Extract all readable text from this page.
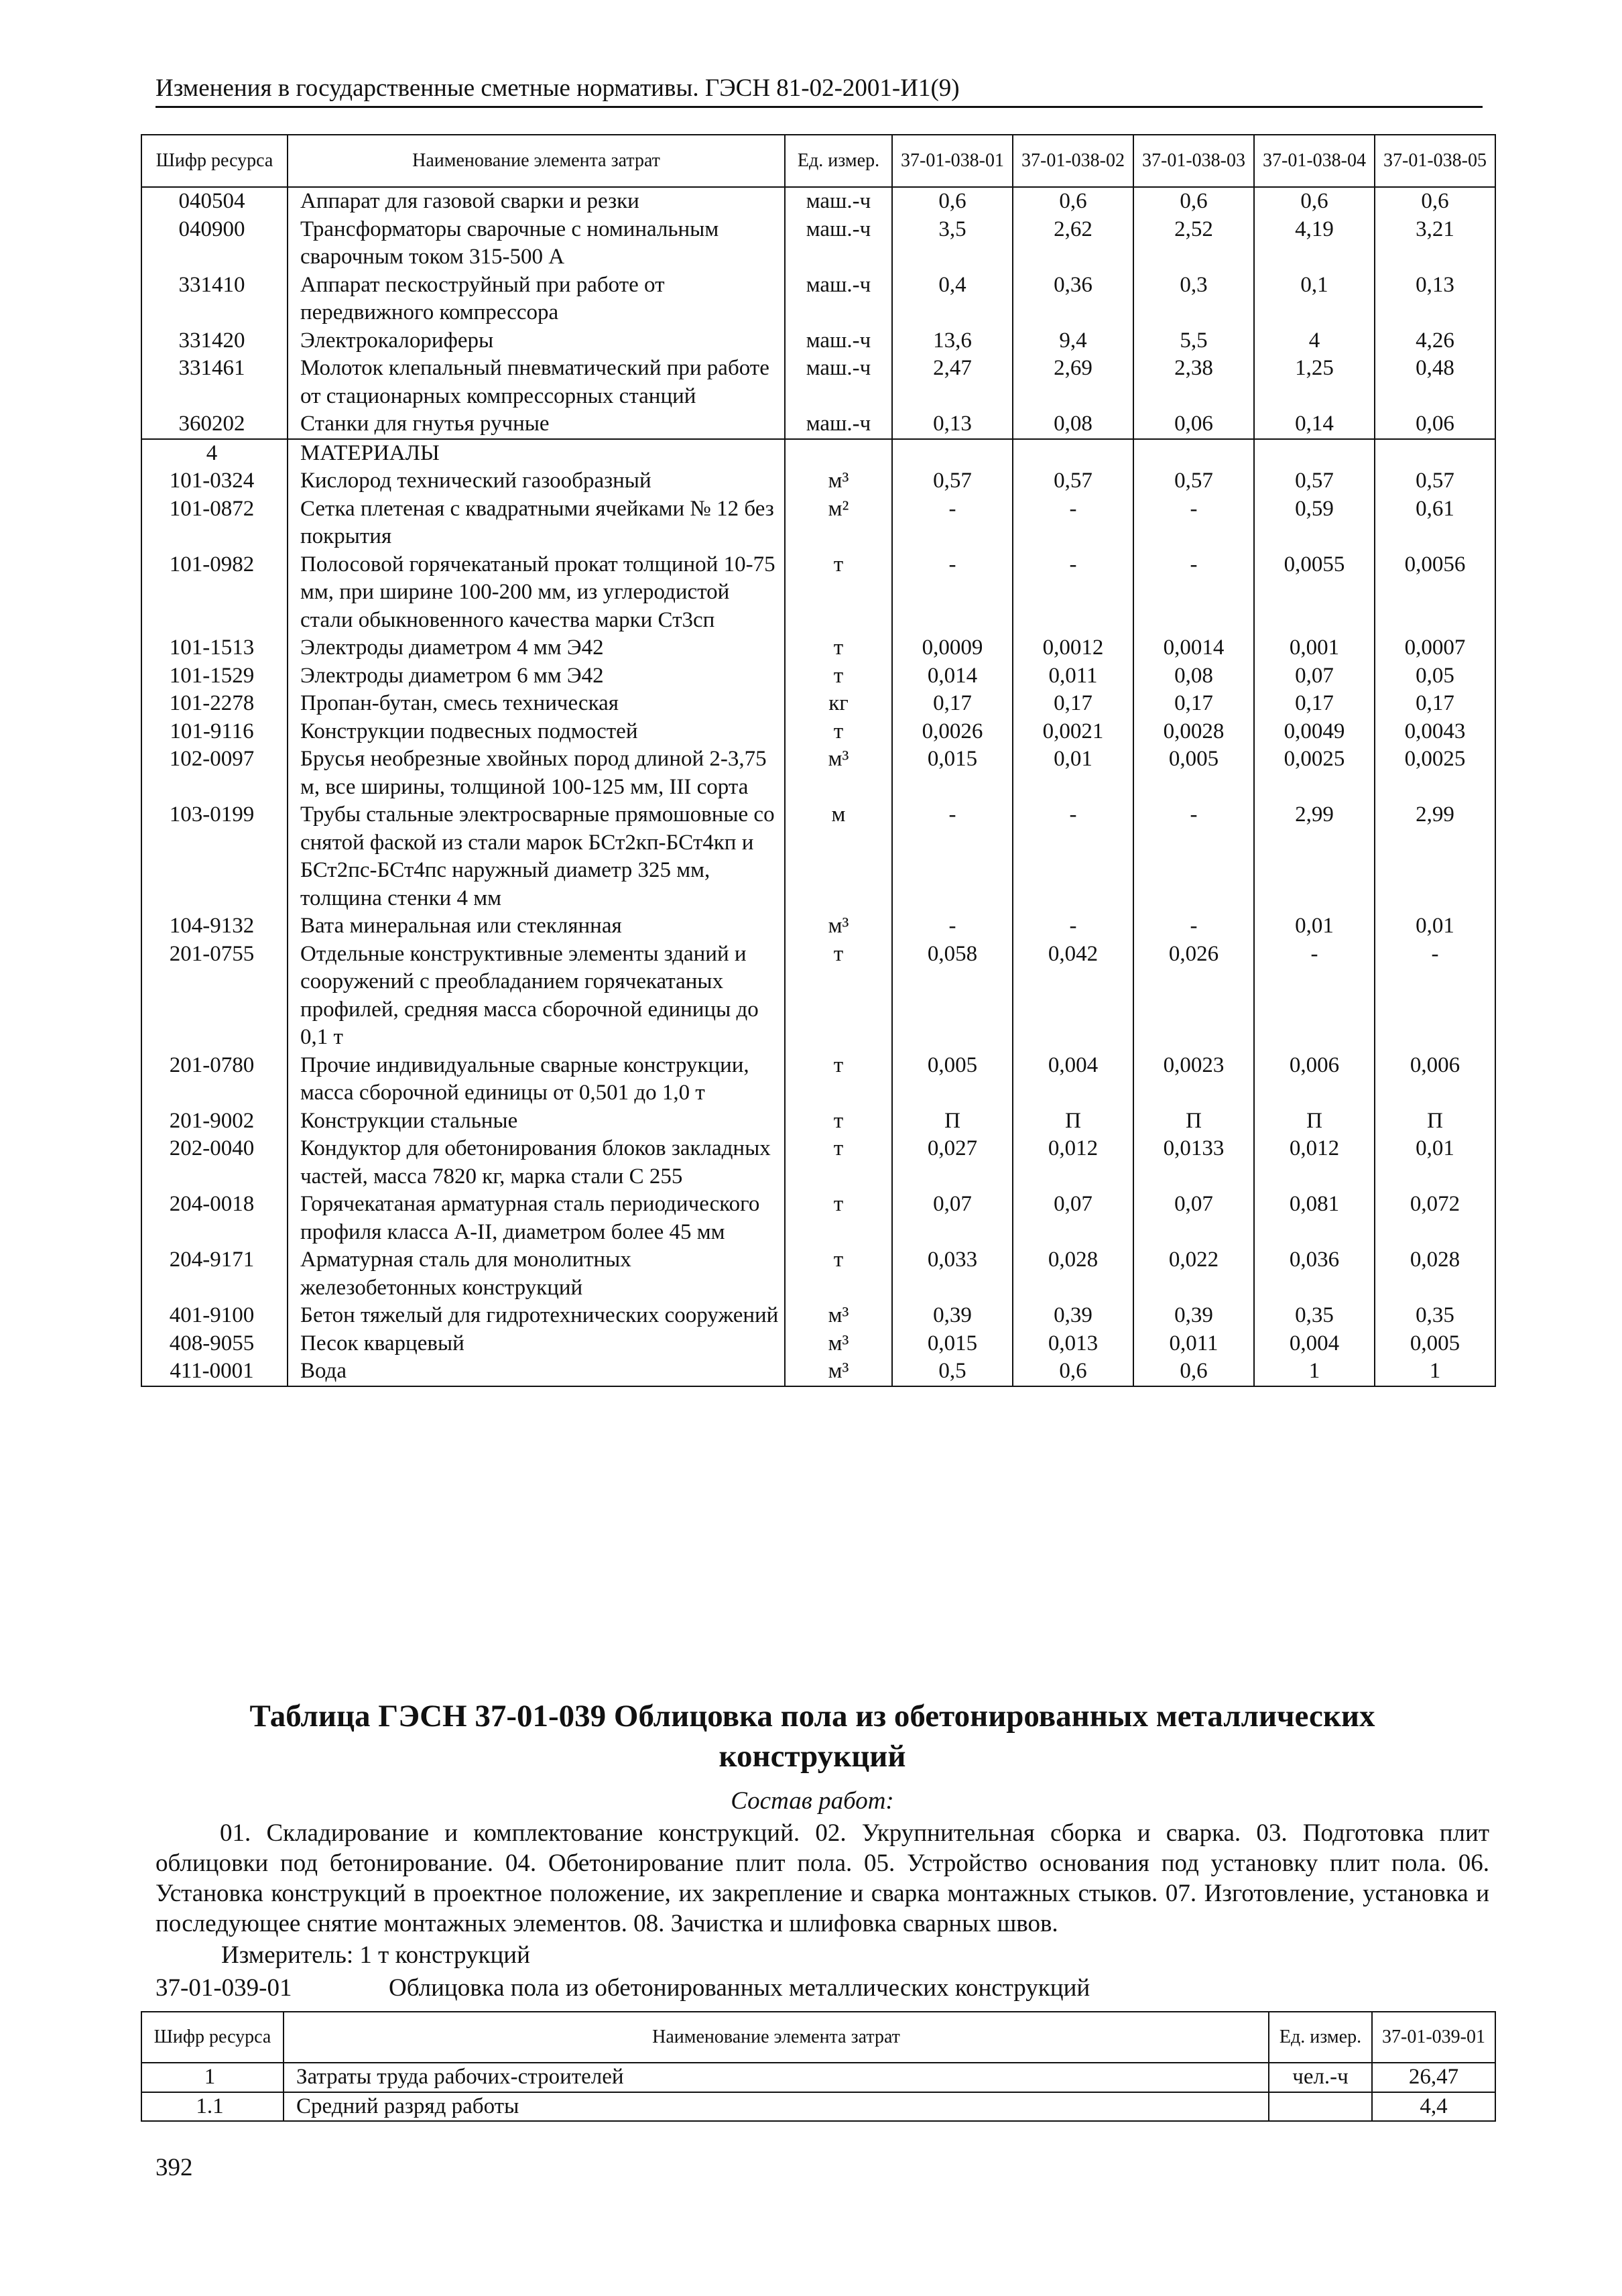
Изменения в государственные сметные нормативы. ГЭСН 81-02-2001-И1(9)
Шифр ресурса	Наименование элемента затрат	Ед. измер.	37-01-038-01	37-01-038-02	37-01-038-03	37-01-038-04	37-01-038-05
040504	Аппарат для газовой сварки и резки	маш.-ч	0,6	0,6	0,6	0,6	0,6
040900	Трансформаторы сварочные с номинальным сварочным током 315-500 А	маш.-ч	3,5	2,62	2,52	4,19	3,21
331410	Аппарат пескоструйный при работе от передвижного компрессора	маш.-ч	0,4	0,36	0,3	0,1	0,13
331420	Электрокалориферы	маш.-ч	13,6	9,4	5,5	4	4,26
331461	Молоток клепальный пневматический при работе от стационарных компрессорных станций	маш.-ч	2,47	2,69	2,38	1,25	0,48
360202	Станки для гнутья ручные	маш.-ч	0,13	0,08	0,06	0,14	0,06
4	МАТЕРИАЛЫ						
101-0324	Кислород технический газообразный	м³	0,57	0,57	0,57	0,57	0,57
101-0872	Сетка плетеная с квадратными ячейками № 12 без покрытия	м²	-	-	-	0,59	0,61
101-0982	Полосовой горячекатаный прокат толщиной 10-75 мм, при ширине 100-200 мм, из углеродистой стали обыкновенного качества марки Ст3сп	т	-	-	-	0,0055	0,0056
101-1513	Электроды диаметром 4 мм Э42	т	0,0009	0,0012	0,0014	0,001	0,0007
101-1529	Электроды диаметром 6 мм Э42	т	0,014	0,011	0,08	0,07	0,05
101-2278	Пропан-бутан, смесь техническая	кг	0,17	0,17	0,17	0,17	0,17
101-9116	Конструкции подвесных подмостей	т	0,0026	0,0021	0,0028	0,0049	0,0043
102-0097	Брусья необрезные хвойных пород длиной 2-3,75 м, все ширины, толщиной 100-125 мм, III сорта	м³	0,015	0,01	0,005	0,0025	0,0025
103-0199	Трубы стальные электросварные прямошовные со снятой фаской из стали марок БСт2кп-БСт4кп и БСт2пс-БСт4пс наружный диаметр 325 мм, толщина стенки 4 мм	м	-	-	-	2,99	2,99
104-9132	Вата минеральная или стеклянная	м³	-	-	-	0,01	0,01
201-0755	Отдельные конструктивные элементы зданий и сооружений с преобладанием горячекатаных профилей, средняя масса сборочной единицы до 0,1 т	т	0,058	0,042	0,026	-	-
201-0780	Прочие индивидуальные сварные конструкции, масса сборочной единицы от 0,501 до 1,0 т	т	0,005	0,004	0,0023	0,006	0,006
201-9002	Конструкции стальные	т	П	П	П	П	П
202-0040	Кондуктор для обетонирования блоков закладных частей, масса 7820 кг, марка стали С 255	т	0,027	0,012	0,0133	0,012	0,01
204-0018	Горячекатаная арматурная сталь периодического профиля класса А-II, диаметром более 45 мм	т	0,07	0,07	0,07	0,081	0,072
204-9171	Арматурная сталь для монолитных железобетонных конструкций	т	0,033	0,028	0,022	0,036	0,028
401-9100	Бетон тяжелый для гидротехнических сооружений	м³	0,39	0,39	0,39	0,35	0,35
408-9055	Песок кварцевый	м³	0,015	0,013	0,011	0,004	0,005
411-0001	Вода	м³	0,5	0,6	0,6	1	1
Таблица ГЭСН 37-01-039 Облицовка пола из обетонированных металлических конструкций
Состав работ:
01. Складирование и комплектование конструкций. 02. Укрупнительная сборка и сварка. 03. Подготовка плит облицовки под бетонирование. 04. Обетонирование плит пола. 05. Устройство основания под установку плит пола. 06. Установка конструкций в проектное положение, их закрепление и сварка монтажных стыков. 07. Изготовление, установка и последующее снятие монтажных элементов. 08. Зачистка и шлифовка сварных швов.
Измеритель: 1 т конструкций
37-01-039-01	Облицовка пола из обетонированных металлических конструкций
Шифр ресурса	Наименование элемента затрат	Ед. измер.	37-01-039-01
1	Затраты труда рабочих-строителей	чел.-ч	26,47
1.1	Средний разряд работы		4,4
392
